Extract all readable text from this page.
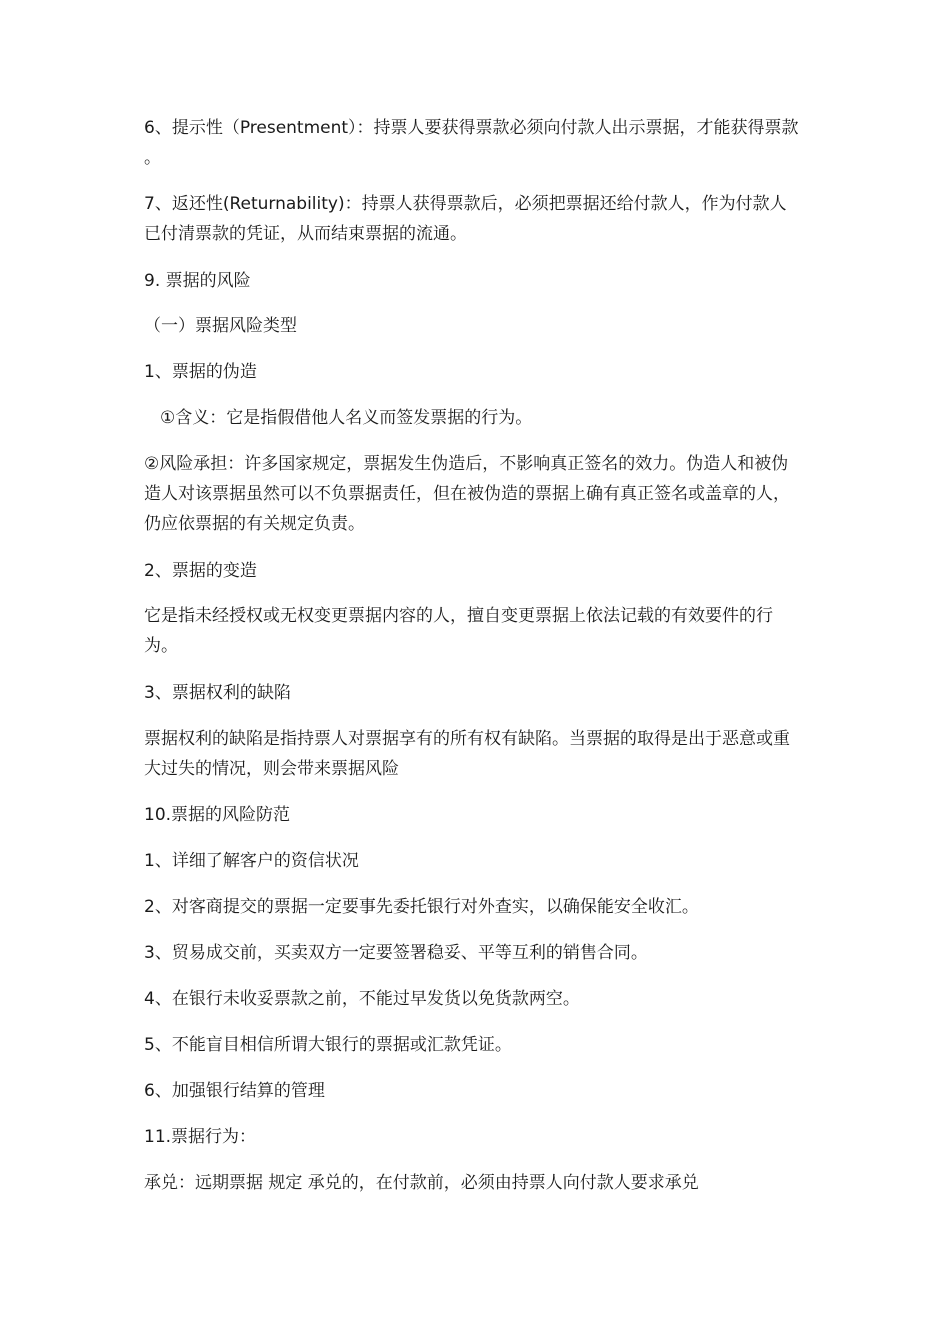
6、提示性（Presentment）：持票人要获得票款必须向付款人出示票据，才能获得票款 。

7、返还性(Returnability)：持票人获得票款后，必须把票据还给付款人，作为付款人已付清票款的凭证，从而结束票据的流通。

9. 票据的风险

（一）票据风险类型

1、票据的伪造

①含义：它是指假借他人名义而签发票据的行为。

②风险承担：许多国家规定，票据发生伪造后，不影响真正签名的效力。伪造人和被伪造人对该票据虽然可以不负票据责任，但在被伪造的票据上确有真正签名或盖章的人，仍应依票据的有关规定负责。

2、票据的变造

它是指未经授权或无权变更票据内容的人，擅自变更票据上依法记载的有效要件的行为。

3、票据权利的缺陷

票据权利的缺陷是指持票人对票据享有的所有权有缺陷。当票据的取得是出于恶意或重大过失的情况，则会带来票据风险

10.票据的风险防范

1、详细了解客户的资信状况

2、对客商提交的票据一定要事先委托银行对外查实，以确保能安全收汇。

3、贸易成交前，买卖双方一定要签署稳妥、平等互利的销售合同。

4、在银行未收妥票款之前，不能过早发货以免货款两空。

5、不能盲目相信所谓大银行的票据或汇款凭证。

6、加强银行结算的管理

11.票据行为：

承兑：远期票据 规定 承兑的，在付款前，必须由持票人向付款人要求承兑
